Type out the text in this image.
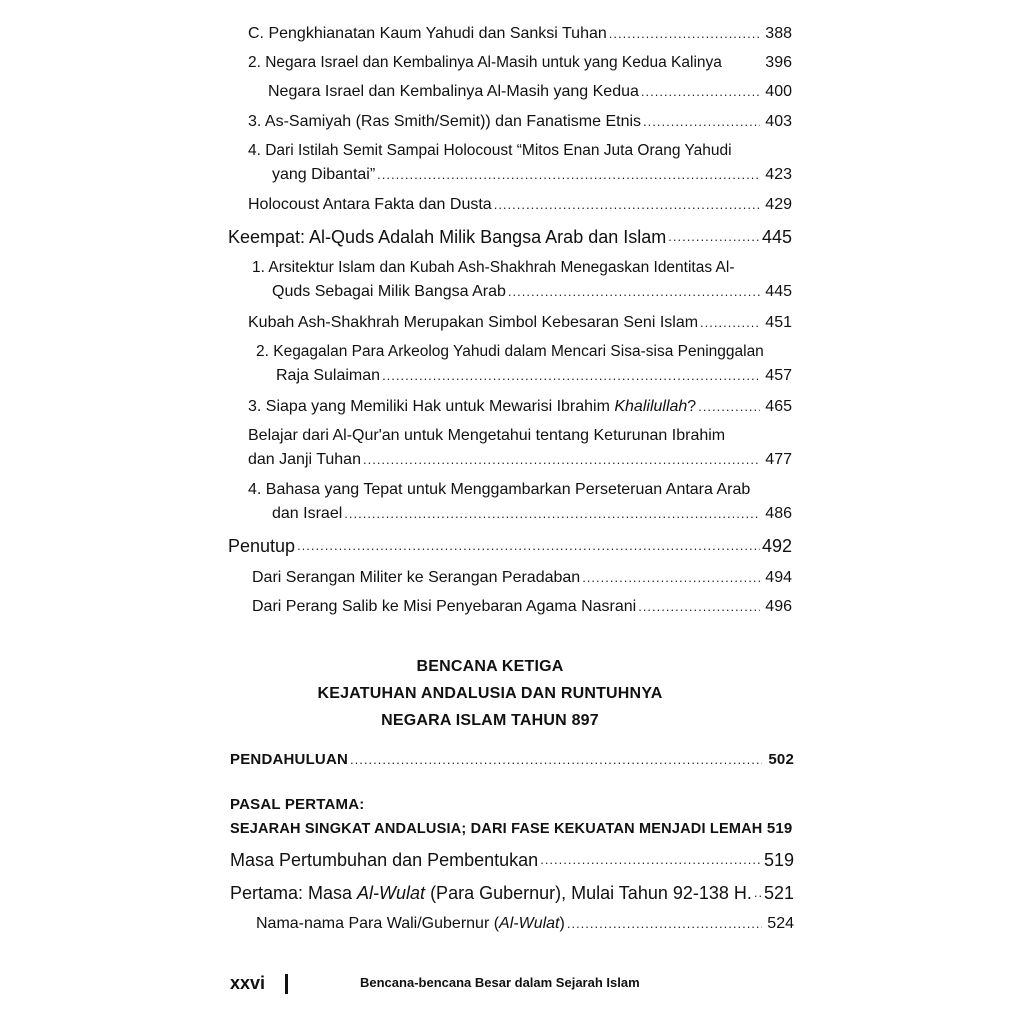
C. Pengkhianatan Kaum Yahudi dan Sanksi Tuhan .....	388
2. Negara Israel dan Kembalinya Al-Masih untuk yang Kedua Kalinya	396
Negara Israel dan Kembalinya Al-Masih yang Kedua .....	400
3. As-Samiyah (Ras Smith/Semit)) dan Fanatisme Etnis .....	403
4. Dari Istilah Semit Sampai Holocoust “Mitos Enan Juta Orang Yahudi
yang Dibantai” .....	423
Holocoust Antara Fakta dan Dusta .....	429
Keempat: Al-Quds Adalah Milik Bangsa Arab dan Islam .....	445
1. Arsitektur Islam dan Kubah Ash-Shakhrah Menegaskan Identitas Al-
Quds Sebagai Milik Bangsa Arab .....	445
Kubah Ash-Shakhrah Merupakan Simbol Kebesaran Seni Islam .....	451
2. Kegagalan Para Arkeolog Yahudi dalam Mencari Sisa-sisa Peninggalan
Raja Sulaiman .....	457
3. Siapa yang Memiliki Hak untuk Mewarisi Ibrahim Khalilullah? .....	465
Belajar dari Al-Qur'an untuk Mengetahui tentang Keturunan Ibrahim
dan Janji Tuhan .....	477
4. Bahasa yang Tepat untuk Menggambarkan Perseteruan Antara Arab
dan Israel .....	486
Penutup .....	492
Dari Serangan Militer ke Serangan Peradaban .....	494
Dari Perang Salib ke Misi Penyebaran Agama Nasrani .....	496
BENCANA KETIGA
KEJATUHAN ANDALUSIA DAN RUNTUHNYA
NEGARA ISLAM TAHUN 897
PENDAHULUAN .....	502
PASAL PERTAMA:
SEJARAH SINGKAT ANDALUSIA; DARI FASE KEKUATAN MENJADI LEMAH 519
Masa Pertumbuhan dan Pembentukan .....	519
Pertama: Masa Al-Wulat (Para Gubernur), Mulai Tahun 92-138 H. ..... 521
Nama-nama Para Wali/Gubernur (Al-Wulat) .....	524
xxvi	Bencana-bencana Besar dalam Sejarah Islam
